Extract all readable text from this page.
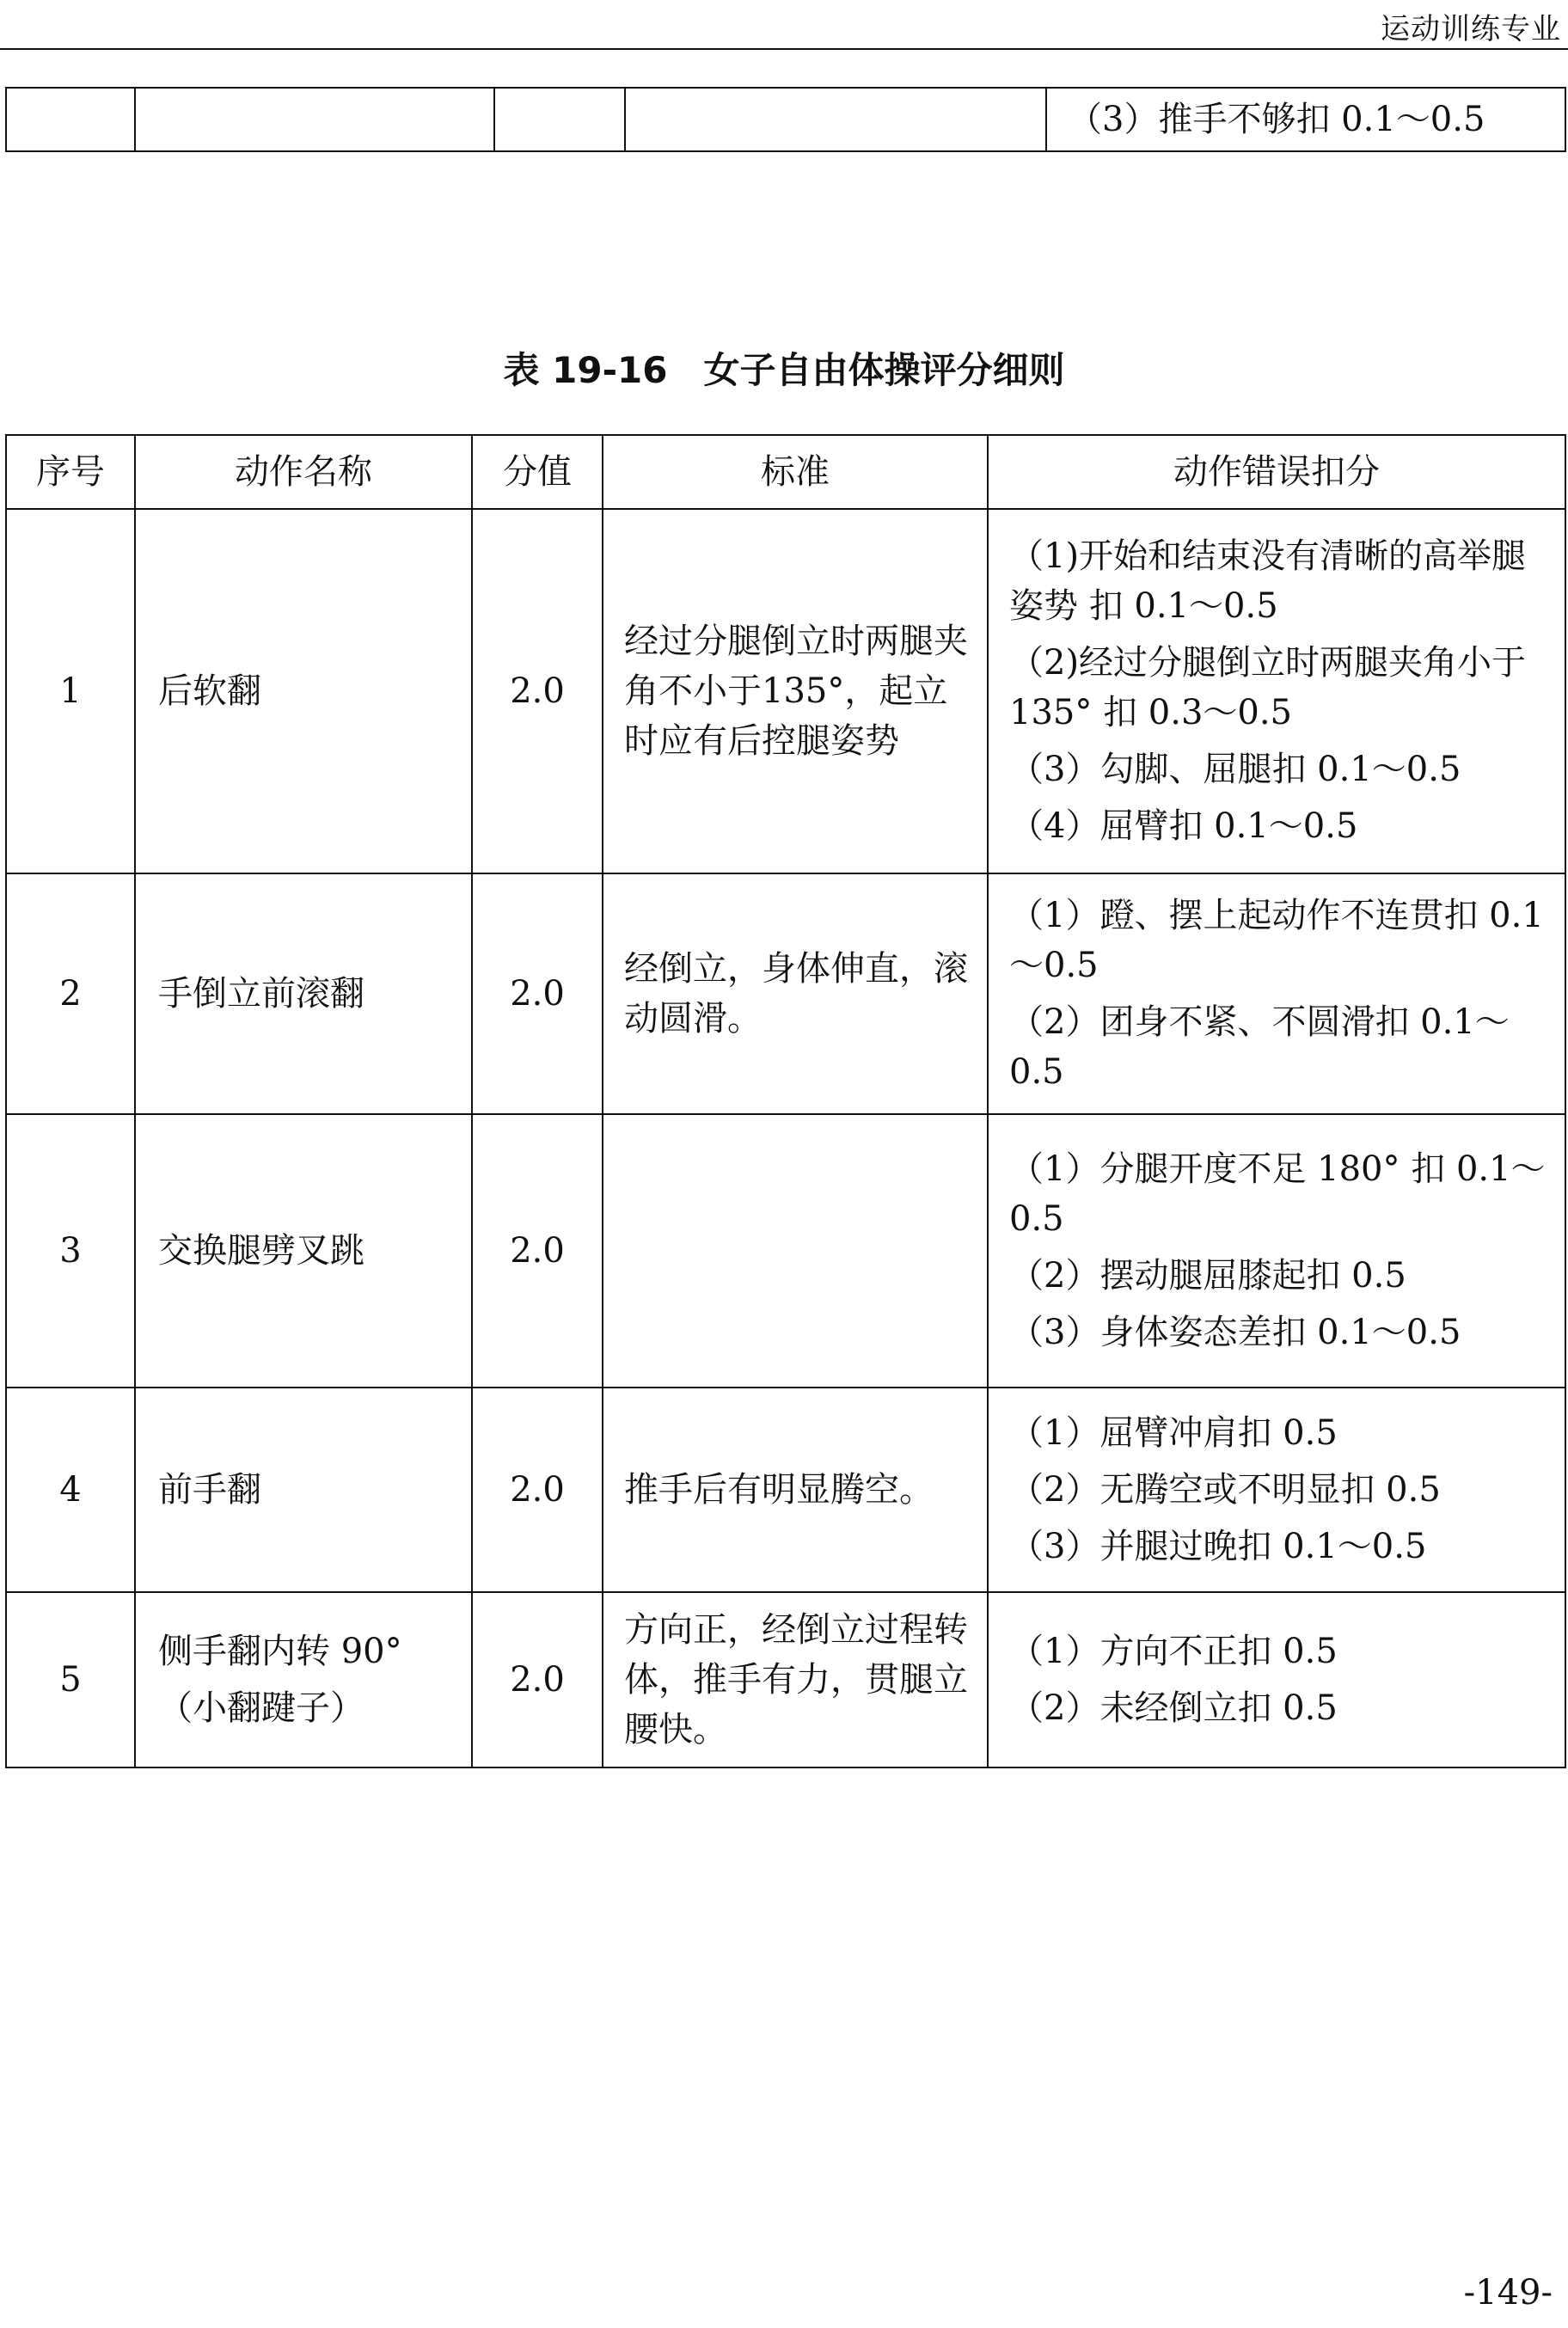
运动训练专业
				（3）推手不够扣 0.1～0.5
表 19-16　女子自由体操评分细则
序号	动作名称	分值	标准	动作错误扣分
1	后软翻	2.0	经过分腿倒立时两腿夹角不小于135°，起立时应有后控腿姿势	（1)开始和结束没有清晰的高举腿姿势 扣 0.1～0.5
（2)经过分腿倒立时两腿夹角小于 135° 扣 0.3～0.5
（3）勾脚、屈腿扣 0.1～0.5
（4）屈臂扣 0.1～0.5

2	手倒立前滚翻	2.0	经倒立，身体伸直，滚动圆滑。	（1）蹬、摆上起动作不连贯扣 0.1～0.5
（2）团身不紧、不圆滑扣 0.1～0.5

3	交换腿劈叉跳	2.0		（1）分腿开度不足 180° 扣 0.1～0.5
（2）摆动腿屈膝起扣 0.5
（3）身体姿态差扣 0.1～0.5

4	前手翻	2.0	推手后有明显腾空。	（1）屈臂冲肩扣 0.5
（2）无腾空或不明显扣 0.5
（3）并腿过晚扣 0.1～0.5

5	侧手翻内转 90°
（小翻踺子）	2.0	方向正，经倒立过程转体，推手有力，贯腿立腰快。	（1）方向不正扣 0.5
（2）未经倒立扣 0.5
-149-
